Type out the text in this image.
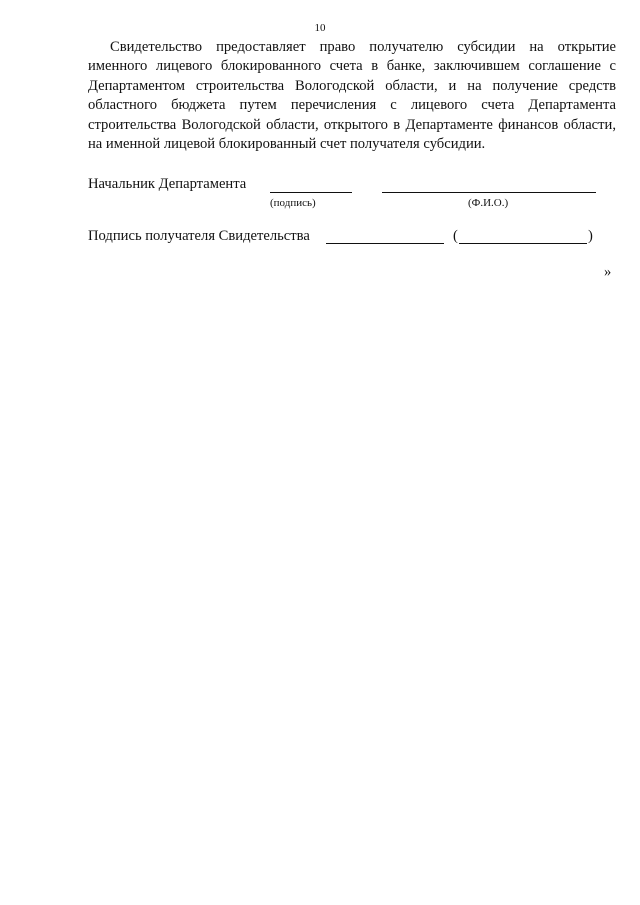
10

Свидетельство предоставляет право получателю субсидии на открытие именного лицевого блокированного счета в банке, заключившем соглашение с Департаментом строительства Вологодской области, и на получение средств областного бюджета путем перечисления с лицевого счета Департамента строительства Вологодской области, открытого в Департаменте финансов области, на именной лицевой блокированный счет получателя субсидии.

Начальник Департамента
(подпись)	(Ф.И.О.)
Подпись получателя Свидетельства	(	)
»
